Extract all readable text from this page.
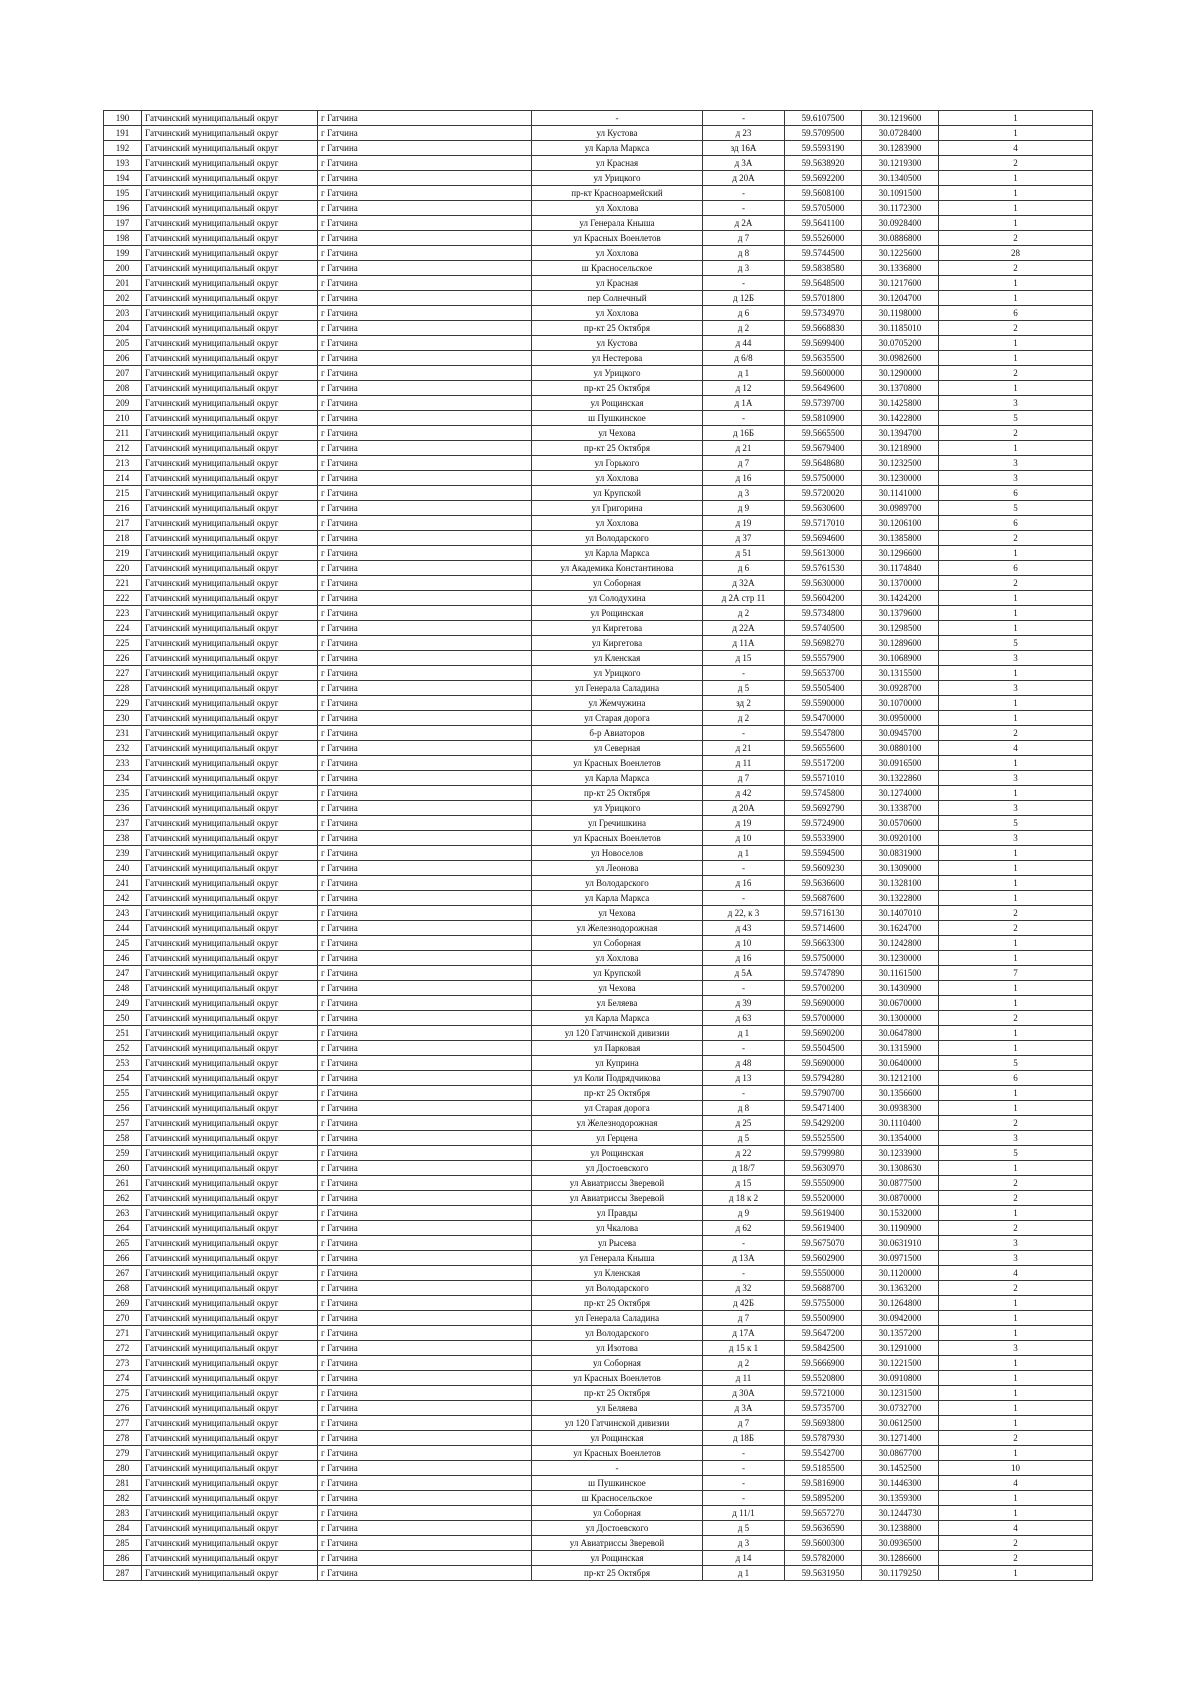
190	Гатчинский муниципальный округ	г Гатчина	-	-	59.6107500	30.1219600	1
191	Гатчинский муниципальный округ	г Гатчина	ул Кустова	д 23	59.5709500	30.0728400	1
192	Гатчинский муниципальный округ	г Гатчина	ул Карла Маркса	зд 16А	59.5593190	30.1283900	4
193	Гатчинский муниципальный округ	г Гатчина	ул Красная	д 3А	59.5638920	30.1219300	2
194	Гатчинский муниципальный округ	г Гатчина	ул Урицкого	д 20А	59.5692200	30.1340500	1
195	Гатчинский муниципальный округ	г Гатчина	пр-кт Красноармейский	-	59.5608100	30.1091500	1
196	Гатчинский муниципальный округ	г Гатчина	ул Хохлова	-	59.5705000	30.1172300	1
197	Гатчинский муниципальный округ	г Гатчина	ул Генерала Кныша	д 2А	59.5641100	30.0928400	1
198	Гатчинский муниципальный округ	г Гатчина	ул Красных Военлетов	д 7	59.5526000	30.0886800	2
199	Гатчинский муниципальный округ	г Гатчина	ул Хохлова	д 8	59.5744500	30.1225600	28
200	Гатчинский муниципальный округ	г Гатчина	ш Красносельское	д 3	59.5838580	30.1336800	2
201	Гатчинский муниципальный округ	г Гатчина	ул Красная	-	59.5648500	30.1217600	1
202	Гатчинский муниципальный округ	г Гатчина	пер Солнечный	д 12Б	59.5701800	30.1204700	1
203	Гатчинский муниципальный округ	г Гатчина	ул Хохлова	д 6	59.5734970	30.1198000	6
204	Гатчинский муниципальный округ	г Гатчина	пр-кт 25 Октября	д 2	59.5668830	30.1185010	2
205	Гатчинский муниципальный округ	г Гатчина	ул Кустова	д 44	59.5699400	30.0705200	1
206	Гатчинский муниципальный округ	г Гатчина	ул Нестерова	д 6/8	59.5635500	30.0982600	1
207	Гатчинский муниципальный округ	г Гатчина	ул Урицкого	д 1	59.5600000	30.1290000	2
208	Гатчинский муниципальный округ	г Гатчина	пр-кт 25 Октября	д 12	59.5649600	30.1370800	1
209	Гатчинский муниципальный округ	г Гатчина	ул Рощинская	д 1А	59.5739700	30.1425800	3
210	Гатчинский муниципальный округ	г Гатчина	ш Пушкинское	-	59.5810900	30.1422800	5
211	Гатчинский муниципальный округ	г Гатчина	ул Чехова	д 16Б	59.5665500	30.1394700	2
212	Гатчинский муниципальный округ	г Гатчина	пр-кт 25 Октября	д 21	59.5679400	30.1218900	1
213	Гатчинский муниципальный округ	г Гатчина	ул Горького	д 7	59.5648680	30.1232500	3
214	Гатчинский муниципальный округ	г Гатчина	ул Хохлова	д 16	59.5750000	30.1230000	3
215	Гатчинский муниципальный округ	г Гатчина	ул Крупской	д 3	59.5720020	30.1141000	6
216	Гатчинский муниципальный округ	г Гатчина	ул Григорина	д 9	59.5630600	30.0989700	5
217	Гатчинский муниципальный округ	г Гатчина	ул Хохлова	д 19	59.5717010	30.1206100	6
218	Гатчинский муниципальный округ	г Гатчина	ул Володарского	д 37	59.5694600	30.1385800	2
219	Гатчинский муниципальный округ	г Гатчина	ул Карла Маркса	д 51	59.5613000	30.1296600	1
220	Гатчинский муниципальный округ	г Гатчина	ул Академика Константинова	д 6	59.5761530	30.1174840	6
221	Гатчинский муниципальный округ	г Гатчина	ул Соборная	д 32А	59.5630000	30.1370000	2
222	Гатчинский муниципальный округ	г Гатчина	ул Солодухина	д 2А стр 11	59.5604200	30.1424200	1
223	Гатчинский муниципальный округ	г Гатчина	ул Рощинская	д 2	59.5734800	30.1379600	1
224	Гатчинский муниципальный округ	г Гатчина	ул Киргетова	д 22А	59.5740500	30.1298500	1
225	Гатчинский муниципальный округ	г Гатчина	ул Киргетова	д 11А	59.5698270	30.1289600	5
226	Гатчинский муниципальный округ	г Гатчина	ул Кленская	д 15	59.5557900	30.1068900	3
227	Гатчинский муниципальный округ	г Гатчина	ул Урицкого	-	59.5653700	30.1315500	1
228	Гатчинский муниципальный округ	г Гатчина	ул Генерала Саладина	д 5	59.5505400	30.0928700	3
229	Гатчинский муниципальный округ	г Гатчина	ул Жемчужина	зд 2	59.5590000	30.1070000	1
230	Гатчинский муниципальный округ	г Гатчина	ул Старая дорога	д 2	59.5470000	30.0950000	1
231	Гатчинский муниципальный округ	г Гатчина	б-р Авиаторов	-	59.5547800	30.0945700	2
232	Гатчинский муниципальный округ	г Гатчина	ул Северная	д 21	59.5655600	30.0880100	4
233	Гатчинский муниципальный округ	г Гатчина	ул Красных Военлетов	д 11	59.5517200	30.0916500	1
234	Гатчинский муниципальный округ	г Гатчина	ул Карла Маркса	д 7	59.5571010	30.1322860	3
235	Гатчинский муниципальный округ	г Гатчина	пр-кт 25 Октября	д 42	59.5745800	30.1274000	1
236	Гатчинский муниципальный округ	г Гатчина	ул Урицкого	д 20А	59.5692790	30.1338700	3
237	Гатчинский муниципальный округ	г Гатчина	ул Гречишкина	д 19	59.5724900	30.0570600	5
238	Гатчинский муниципальный округ	г Гатчина	ул Красных Военлетов	д 10	59.5533900	30.0920100	3
239	Гатчинский муниципальный округ	г Гатчина	ул Новоселов	д 1	59.5594500	30.0831900	1
240	Гатчинский муниципальный округ	г Гатчина	ул Леонова	-	59.5609230	30.1309000	1
241	Гатчинский муниципальный округ	г Гатчина	ул Володарского	д 16	59.5636600	30.1328100	1
242	Гатчинский муниципальный округ	г Гатчина	ул Карла Маркса	-	59.5687600	30.1322800	1
243	Гатчинский муниципальный округ	г Гатчина	ул Чехова	д 22, к 3	59.5716130	30.1407010	2
244	Гатчинский муниципальный округ	г Гатчина	ул Железнодорожная	д 43	59.5714600	30.1624700	2
245	Гатчинский муниципальный округ	г Гатчина	ул Соборная	д 10	59.5663300	30.1242800	1
246	Гатчинский муниципальный округ	г Гатчина	ул Хохлова	д 16	59.5750000	30.1230000	1
247	Гатчинский муниципальный округ	г Гатчина	ул Крупской	д 5А	59.5747890	30.1161500	7
248	Гатчинский муниципальный округ	г Гатчина	ул Чехова	-	59.5700200	30.1430900	1
249	Гатчинский муниципальный округ	г Гатчина	ул Беляева	д 39	59.5690000	30.0670000	1
250	Гатчинский муниципальный округ	г Гатчина	ул Карла Маркса	д 63	59.5700000	30.1300000	2
251	Гатчинский муниципальный округ	г Гатчина	ул 120 Гатчинской дивизии	д 1	59.5690200	30.0647800	1
252	Гатчинский муниципальный округ	г Гатчина	ул Парковая	-	59.5504500	30.1315900	1
253	Гатчинский муниципальный округ	г Гатчина	ул Куприна	д 48	59.5690000	30.0640000	5
254	Гатчинский муниципальный округ	г Гатчина	ул Коли Подрядчикова	д 13	59.5794280	30.1212100	6
255	Гатчинский муниципальный округ	г Гатчина	пр-кт 25 Октября	-	59.5790700	30.1356600	1
256	Гатчинский муниципальный округ	г Гатчина	ул Старая дорога	д 8	59.5471400	30.0938300	1
257	Гатчинский муниципальный округ	г Гатчина	ул Железнодорожная	д 25	59.5429200	30.1110400	2
258	Гатчинский муниципальный округ	г Гатчина	ул Герцена	д 5	59.5525500	30.1354000	3
259	Гатчинский муниципальный округ	г Гатчина	ул Рощинская	д 22	59.5799980	30.1233900	5
260	Гатчинский муниципальный округ	г Гатчина	ул Достоевского	д 18/7	59.5630970	30.1308630	1
261	Гатчинский муниципальный округ	г Гатчина	ул Авиатриссы Зверевой	д 15	59.5550900	30.0877500	2
262	Гатчинский муниципальный округ	г Гатчина	ул Авиатриссы Зверевой	д 18 к 2	59.5520000	30.0870000	2
263	Гатчинский муниципальный округ	г Гатчина	ул Правды	д 9	59.5619400	30.1532000	1
264	Гатчинский муниципальный округ	г Гатчина	ул Чкалова	д 62	59.5619400	30.1190900	2
265	Гатчинский муниципальный округ	г Гатчина	ул Рысева	-	59.5675070	30.0631910	3
266	Гатчинский муниципальный округ	г Гатчина	ул Генерала Кныша	д 13А	59.5602900	30.0971500	3
267	Гатчинский муниципальный округ	г Гатчина	ул Кленская	-	59.5550000	30.1120000	4
268	Гатчинский муниципальный округ	г Гатчина	ул Володарского	д 32	59.5688700	30.1363200	2
269	Гатчинский муниципальный округ	г Гатчина	пр-кт 25 Октября	д 42Б	59.5755000	30.1264800	1
270	Гатчинский муниципальный округ	г Гатчина	ул Генерала Саладина	д 7	59.5500900	30.0942000	1
271	Гатчинский муниципальный округ	г Гатчина	ул Володарского	д 17А	59.5647200	30.1357200	1
272	Гатчинский муниципальный округ	г Гатчина	ул Изотова	д 15 к 1	59.5842500	30.1291000	3
273	Гатчинский муниципальный округ	г Гатчина	ул Соборная	д 2	59.5666900	30.1221500	1
274	Гатчинский муниципальный округ	г Гатчина	ул Красных Военлетов	д 11	59.5520800	30.0910800	1
275	Гатчинский муниципальный округ	г Гатчина	пр-кт 25 Октября	д 30А	59.5721000	30.1231500	1
276	Гатчинский муниципальный округ	г Гатчина	ул Беляева	д 3А	59.5735700	30.0732700	1
277	Гатчинский муниципальный округ	г Гатчина	ул 120 Гатчинской дивизии	д 7	59.5693800	30.0612500	1
278	Гатчинский муниципальный округ	г Гатчина	ул Рощинская	д 18Б	59.5787930	30.1271400	2
279	Гатчинский муниципальный округ	г Гатчина	ул Красных Военлетов	-	59.5542700	30.0867700	1
280	Гатчинский муниципальный округ	г Гатчина	-	-	59.5185500	30.1452500	10
281	Гатчинский муниципальный округ	г Гатчина	ш Пушкинское	-	59.5816900	30.1446300	4
282	Гатчинский муниципальный округ	г Гатчина	ш Красносельское	-	59.5895200	30.1359300	1
283	Гатчинский муниципальный округ	г Гатчина	ул Соборная	д 11/1	59.5657270	30.1244730	1
284	Гатчинский муниципальный округ	г Гатчина	ул Достоевского	д 5	59.5636590	30.1238800	4
285	Гатчинский муниципальный округ	г Гатчина	ул Авиатриссы Зверевой	д 3	59.5600300	30.0936500	2
286	Гатчинский муниципальный округ	г Гатчина	ул Рощинская	д 14	59.5782000	30.1286600	2
287	Гатчинский муниципальный округ	г Гатчина	пр-кт 25 Октября	д 1	59.5631950	30.1179250	1
